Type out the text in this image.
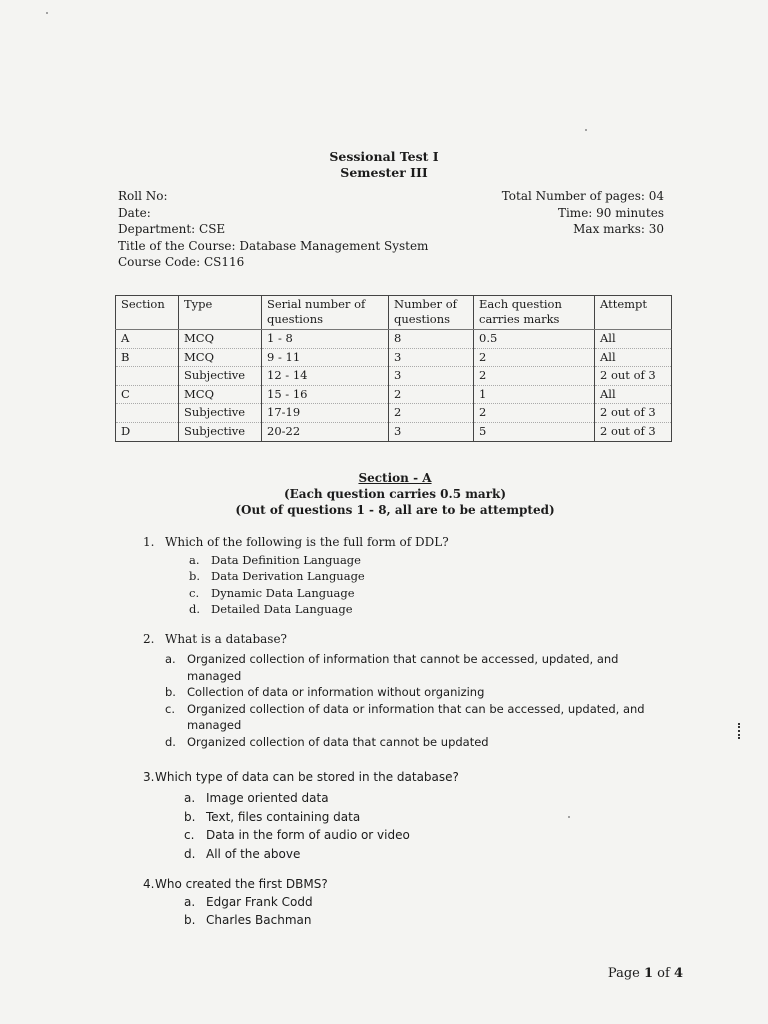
Sessional Test I
Semester III
Roll No:
Date:
Department: CSE
Title of the Course: Database Management System
Course Code: CS116
Total Number of pages: 04
Time: 90 minutes
Max marks: 30
Section	Type	Serial number of questions	Number of questions	Each question carries marks	Attempt
A	MCQ	1 - 8	8	0.5	All
B	MCQ	9 - 11	3	2	All
	Subjective	12 - 14	3	2	2 out of 3
C	MCQ	15 - 16	2	1	All
	Subjective	17-19	2	2	2 out of 3
D	Subjective	20-22	3	5	2 out of 3
Section - A
(Each question carries 0.5 mark)
(Out of questions 1 - 8, all are to be attempted)
1. Which of the following is the full form of DDL?
a. Data Definition Language
b. Data Derivation Language
c. Dynamic Data Language
d. Detailed Data Language
2. What is a database?
a. Organized collection of information that cannot be accessed, updated, and managed
b. Collection of data or information without organizing
c. Organized collection of data or information that can be accessed, updated, and managed
d. Organized collection of data that cannot be updated
3. Which type of data can be stored in the database?
a. Image oriented data
b. Text, files containing data
c. Data in the form of audio or video
d. All of the above
4. Who created the first DBMS?
a. Edgar Frank Codd
b. Charles Bachman
Page 1 of 4
